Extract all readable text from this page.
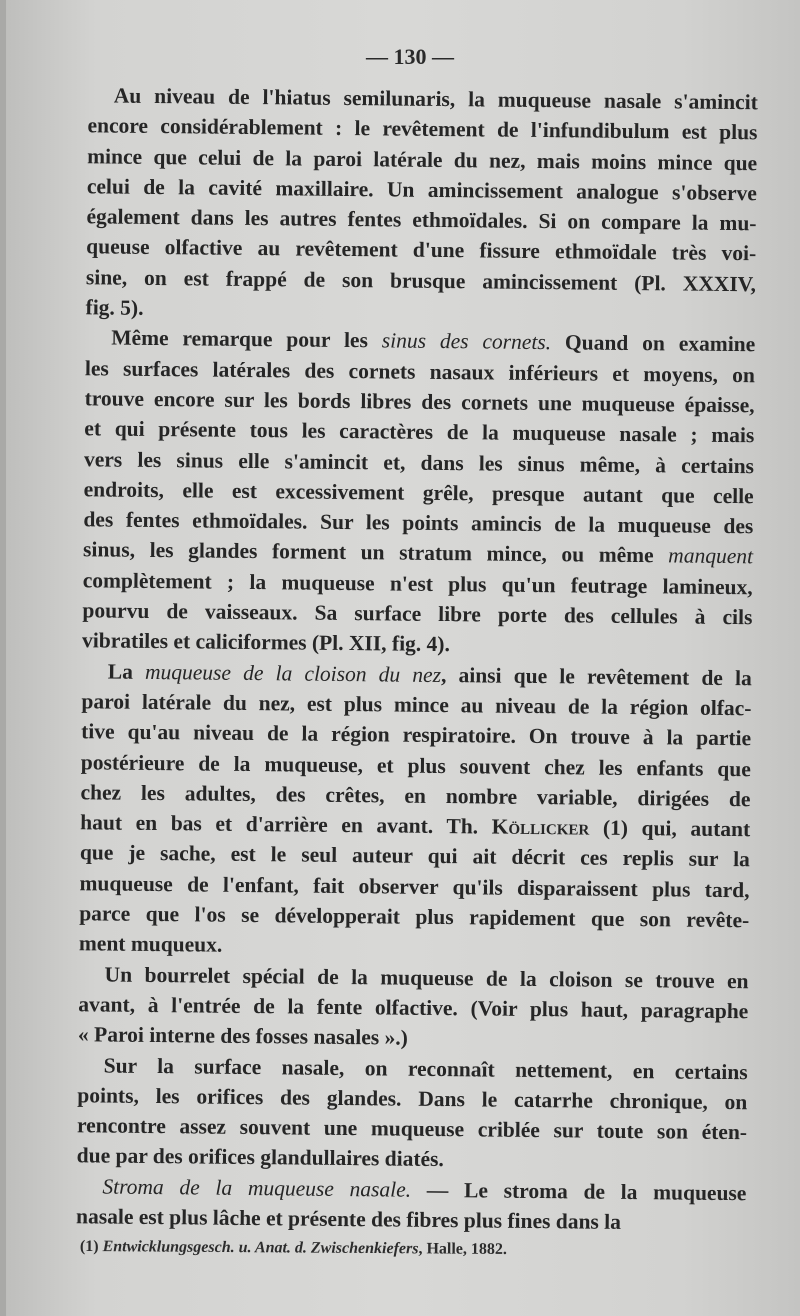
— 130 —
Au niveau de l'hiatus semilunaris, la muqueuse nasale s'amincit
encore considérablement : le revêtement de l'infundibulum est plus
mince que celui de la paroi latérale du nez, mais moins mince que
celui de la cavité maxillaire. Un amincissement analogue s'observe
également dans les autres fentes ethmoïdales. Si on compare la mu-
queuse olfactive au revêtement d'une fissure ethmoïdale très voi-
sine, on est frappé de son brusque amincissement (Pl. XXXIV,
fig. 5).
Même remarque pour les sinus des cornets. Quand on examine
les surfaces latérales des cornets nasaux inférieurs et moyens, on
trouve encore sur les bords libres des cornets une muqueuse épaisse,
et qui présente tous les caractères de la muqueuse nasale ; mais
vers les sinus elle s'amincit et, dans les sinus même, à certains
endroits, elle est excessivement grêle, presque autant que celle
des fentes ethmoïdales. Sur les points amincis de la muqueuse des
sinus, les glandes forment un stratum mince, ou même manquent
complètement ; la muqueuse n'est plus qu'un feutrage lamineux,
pourvu de vaisseaux. Sa surface libre porte des cellules à cils
vibratiles et caliciformes (Pl. XII, fig. 4).
La muqueuse de la cloison du nez, ainsi que le revêtement de la
paroi latérale du nez, est plus mince au niveau de la région olfac-
tive qu'au niveau de la région respiratoire. On trouve à la partie
postérieure de la muqueuse, et plus souvent chez les enfants que
chez les adultes, des crêtes, en nombre variable, dirigées de
haut en bas et d'arrière en avant. Th. Köllicker (1) qui, autant
que je sache, est le seul auteur qui ait décrit ces replis sur la
muqueuse de l'enfant, fait observer qu'ils disparaissent plus tard,
parce que l'os se développerait plus rapidement que son revête-
ment muqueux.
Un bourrelet spécial de la muqueuse de la cloison se trouve en
avant, à l'entrée de la fente olfactive. (Voir plus haut, paragraphe
« Paroi interne des fosses nasales ».)
Sur la surface nasale, on reconnaît nettement, en certains
points, les orifices des glandes. Dans le catarrhe chronique, on
rencontre assez souvent une muqueuse criblée sur toute son éten-
due par des orifices glandullaires diatés.
Stroma de la muqueuse nasale. — Le stroma de la muqueuse
nasale est plus lâche et présente des fibres plus fines dans la
(1) Entwicklungsgesch. u. Anat. d. Zwischenkiefers, Halle, 1882.
